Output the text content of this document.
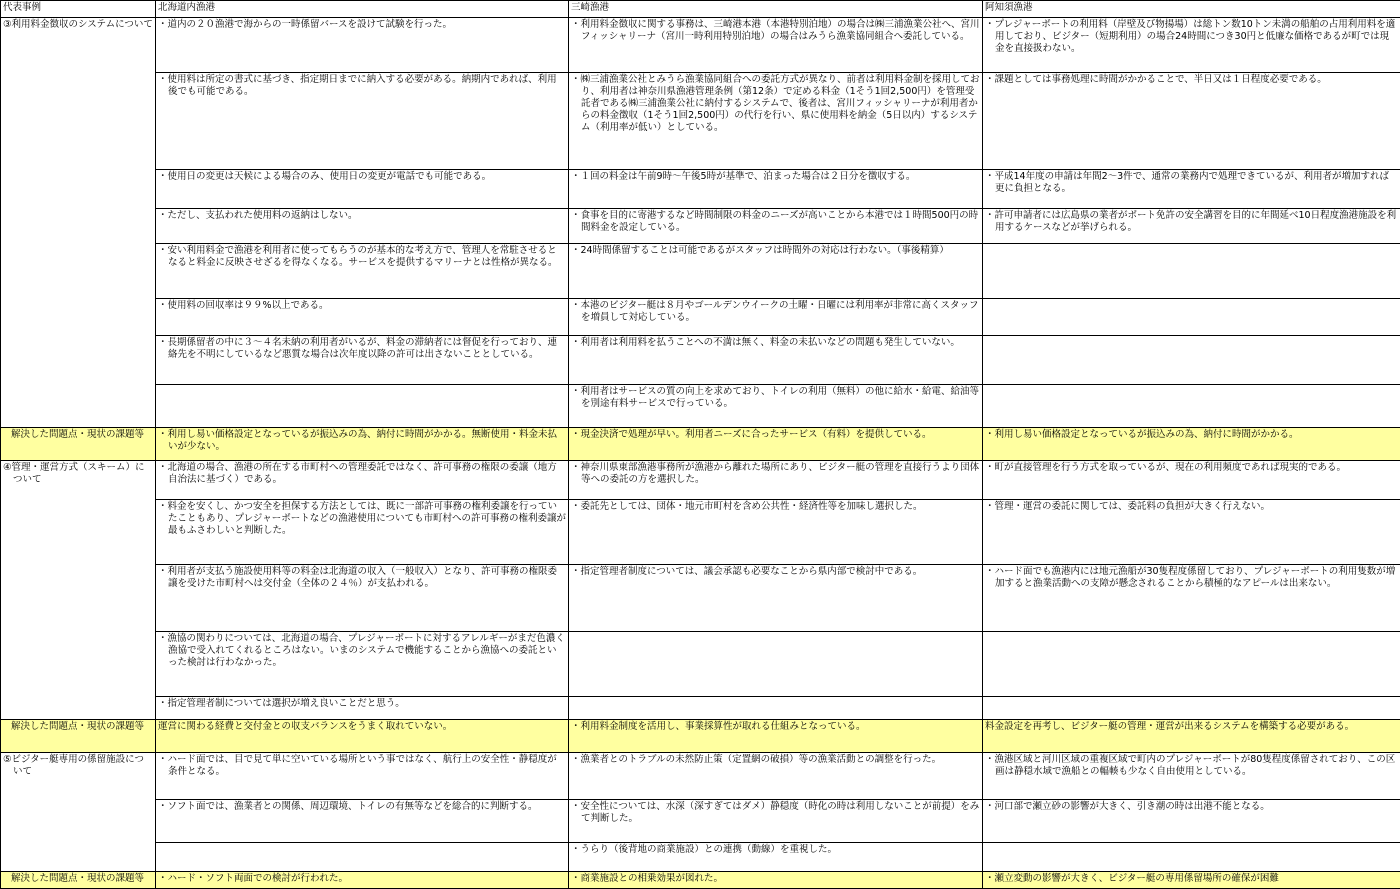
代表事例	北海道内漁港	三崎漁港	阿知須漁港

③利用料金徴収のシステムについて	・道内の２０漁港で海からの一時係留バースを設けて試験を行った。	・利用料金徴収に関する事務は、三崎港本港（本港特別泊地）の場合は㈱三浦漁業公社へ、宮川フィッシャリーナ（宮川一時利用特別泊地）の場合はみうら漁業協同組合へ委託している。	・プレジャーボートの利用料（岸壁及び物揚場）は総トン数10トン未満の船舶の占用利用料を適用しており、ビジター（短期利用）の場合24時間につき30円と低廉な価格であるが町では現金を直接扱わない。

	・使用料は所定の書式に基づき、指定期日までに納入する必要がある。納期内であれば、利用後でも可能である。	・㈱三浦漁業公社とみうら漁業協同組合への委託方式が異なり、前者は利用料金制を採用しており、利用者は神奈川県漁港管理条例（第12条）で定める料金（1そう1回2,500円）を管理受託者である㈱三浦漁業公社に納付するシステムで、後者は、宮川フィッシャリーナが利用者からの料金徴収（1そう1回2,500円）の代行を行い、県に使用料を納金（5日以内）するシステム（利用率が低い）としている。	・課題としては事務処理に時間がかかることで、半日又は１日程度必要である。

	・使用日の変更は天候による場合のみ、使用日の変更が電話でも可能である。	・１回の料金は午前9時〜午後5時が基準で、泊まった場合は２日分を徴収する。	・平成14年度の申請は年間2〜3件で、通常の業務内で処理できているが、利用者が増加すれば更に負担となる。

	・ただし、支払われた使用料の返納はしない。	・食事を目的に寄港するなど時間制限の料金のニーズが高いことから本港では１時間500円の時間料金を設定している。	・許可申請者には広島県の業者がボート免許の安全講習を目的に年間延べ10日程度漁港施設を利用するケースなどが挙げられる。

	・安い利用料金で漁港を利用者に使ってもらうのが基本的な考え方で、管理人を常駐させるとなると料金に反映させざるを得なくなる。サービスを提供するマリーナとは性格が異なる。	・24時間係留することは可能であるがスタッフは時間外の対応は行わない。（事後精算）	

	・使用料の回収率は９９%以上である。	・本港のビジター艇は８月やゴールデンウイークの土曜・日曜には利用率が非常に高くスタッフを増員して対応している。	

	・長期係留者の中に３〜４名未納の利用者がいるが、料金の滞納者には督促を行っており、連絡先を不明にしているなど悪質な場合は次年度以降の許可は出さないこととしている。	・利用者は利用料を払うことへの不満は無く、料金の未払いなどの問題も発生していない。	

		・利用者はサービスの質の向上を求めており、トイレの利用（無料）の他に給水・給電、給油等を別途有料サービスで行っている。	

解決した問題点・現状の課題等	・利用し易い価格設定となっているが振込みの為、納付に時間がかかる。無断使用・料金未払いが少ない。	・現金決済で処理が早い。利用者ニーズに合ったサービス（有料）を提供している。	・利用し易い価格設定となっているが振込みの為、納付に時間がかかる。

④管理・運営方式（スキーム）について	・北海道の場合、漁港の所在する市町村への管理委託ではなく、許可事務の権限の委譲（地方自治法に基づく）である。	・神奈川県東部漁港事務所が漁港から離れた場所にあり、ビジター艇の管理を直接行うより団体等への委託の方を選択した。	・町が直接管理を行う方式を取っているが、現在の利用頻度であれば現実的である。

	・料金を安くし、かつ安全を担保する方法としては、既に一部許可事務の権利委譲を行っていたこともあり、プレジャーボートなどの漁港使用についても市町村への許可事務の権利委譲が最もふさわしいと判断した。	・委託先としては、団体・地元市町村を含め公共性・経済性等を加味し選択した。	・管理・運営の委託に関しては、委託料の負担が大きく行えない。

	・利用者が支払う施設使用料等の料金は北海道の収入（一般収入）となり、許可事務の権限委譲を受けた市町村へは交付金（全体の２４％）が支払われる。	・指定管理者制度については、議会承認も必要なことから県内部で検討中である。	・ハード面でも漁港内には地元漁船が30隻程度係留しており、プレジャーボートの利用隻数が増加すると漁業活動への支障が懸念されることから積極的なアピールは出来ない。

	・漁協の関わりについては、北海道の場合、プレジャーボートに対するアレルギーがまだ色濃く漁協で受入れてくれるところはない。いまのシステムで機能することから漁協への委託といった検討は行わなかった。		

	・指定管理者制については選択が増え良いことだと思う。		

解決した問題点・現状の課題等	運営に関わる経費と交付金との収支バランスをうまく取れていない。	・利用料金制度を活用し、事業採算性が取れる仕組みとなっている。	料金設定を再考し、ビジター艇の管理・運営が出来るシステムを構築する必要がある。

⑤ビジター艇専用の係留施設について	・ハード面では、目で見て単に空いている場所という事ではなく、航行上の安全性・静穏度が条件となる。	・漁業者とのトラブルの未然防止策（定置網の破損）等の漁業活動との調整を行った。	・漁港区域と河川区域の重複区域で町内のプレジャーボートが80隻程度係留されており、この区画は静穏水域で漁船との輻輳も少なく自由使用としている。

	・ソフト面では、漁業者との関係、周辺環境、トイレの有無等などを総合的に判断する。	・安全性については、水深（深すぎてはダメ）静穏度（時化の時は利用しないことが前提）をみて判断した。	・河口部で瀬立砂の影響が大きく、引き潮の時は出港不能となる。

		・うらり（後背地の商業施設）との連携（動線）を重視した。	

解決した問題点・現状の課題等	・ハード・ソフト両面での検討が行われた。	・商業施設との相乗効果が図れた。	・瀬立変動の影響が大きく、ビジター艇の専用係留場所の確保が困難
